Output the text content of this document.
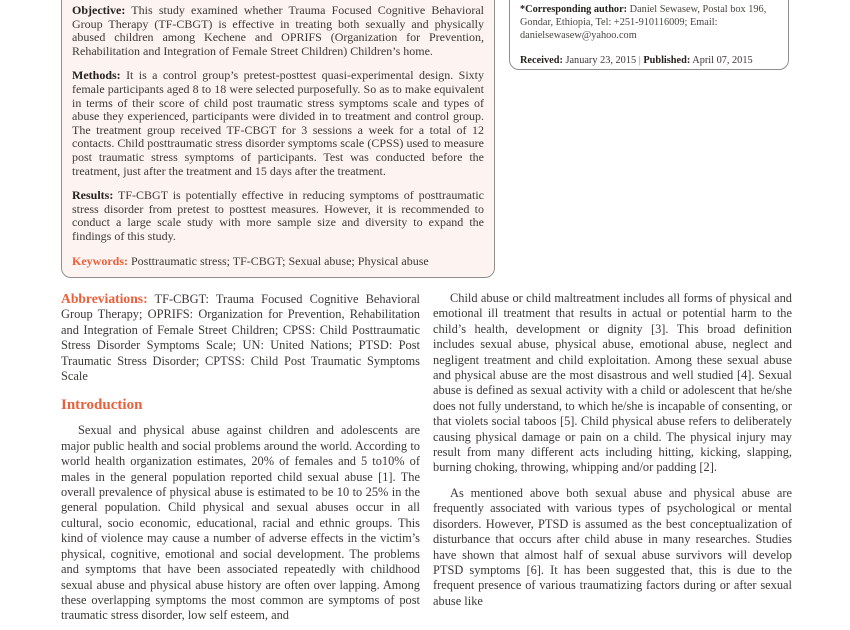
Objective: This study examined whether Trauma Focused Cognitive Behavioral Group Therapy (TF-CBGT) is effective in treating both sexually and physically abused children among Kechene and OPRIFS (Organization for Prevention, Rehabilitation and Integration of Female Street Children) Children’s home.

Methods: It is a control group’s pretest-posttest quasi-experimental design. Sixty female participants aged 8 to 18 were selected purposefully. So as to make equivalent in terms of their score of child post traumatic stress symptoms scale and types of abuse they experienced, participants were divided in to treatment and control group. The treatment group received TF-CBGT for 3 sessions a week for a total of 12 contacts. Child posttraumatic stress disorder symptoms scale (CPSS) used to measure post traumatic stress symptoms of participants. Test was conducted before the treatment, just after the treatment and 15 days after the treatment.

Results: TF-CBGT is potentially effective in reducing symptoms of posttraumatic stress disorder from pretest to posttest measures. However, it is recommended to conduct a large scale study with more sample size and diversity to expand the findings of this study.

Keywords: Posttraumatic stress; TF-CBGT; Sexual abuse; Physical abuse

*Corresponding author: Daniel Sewasew, Postal box 196, Gondar, Ethiopia, Tel: +251-910116009; Email: danielsewasew@yahoo.com
Received: January 23, 2015 | Published: April 07, 2015

Abbreviations: TF-CBGT: Trauma Focused Cognitive Behavioral Group Therapy; OPRIFS: Organization for Prevention, Rehabilitation and Integration of Female Street Children; CPSS: Child Posttraumatic Stress Disorder Symptoms Scale; UN: United Nations; PTSD: Post Traumatic Stress Disorder; CPTSS: Child Post Traumatic Symptoms Scale

Introduction

Sexual and physical abuse against children and adolescents are major public health and social problems around the world. According to world health organization estimates, 20% of females and 5 to10% of males in the general population reported child sexual abuse [1]. The overall prevalence of physical abuse is estimated to be 10 to 25% in the general population. Child physical and sexual abuses occur in all cultural, socio economic, educational, racial and ethnic groups. This kind of violence may cause a number of adverse effects in the victim’s physical, cognitive, emotional and social development. The problems and symptoms that have been associated repeatedly with childhood sexual abuse and physical abuse history are often over lapping. Among these overlapping symptoms the most common are symptoms of post traumatic stress disorder, low self esteem, and

Child abuse or child maltreatment includes all forms of physical and emotional ill treatment that results in actual or potential harm to the child’s health, development or dignity [3]. This broad definition includes sexual abuse, physical abuse, emotional abuse, neglect and negligent treatment and child exploitation. Among these sexual abuse and physical abuse are the most disastrous and well studied [4]. Sexual abuse is defined as sexual activity with a child or adolescent that he/she does not fully understand, to which he/she is incapable of consenting, or that violets social taboos [5]. Child physical abuse refers to deliberately causing physical damage or pain on a child. The physical injury may result from many different acts including hitting, kicking, slapping, burning choking, throwing, whipping and/or padding [2].

As mentioned above both sexual abuse and physical abuse are frequently associated with various types of psychological or mental disorders. However, PTSD is assumed as the best conceptualization of disturbance that occurs after child abuse in many researches. Studies have shown that almost half of sexual abuse survivors will develop PTSD symptoms [6]. It has been suggested that, this is due to the frequent presence of various traumatizing factors during or after sexual abuse like
